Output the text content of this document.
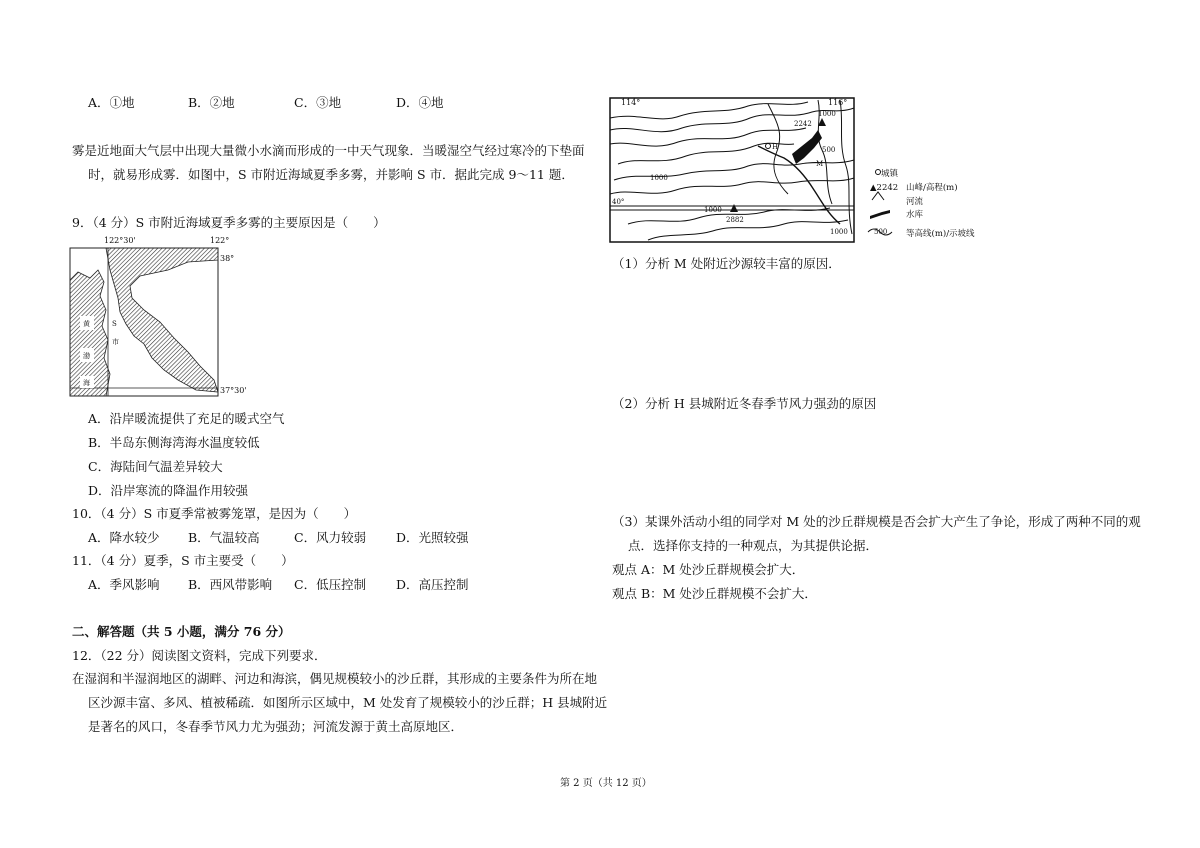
A．①地	B．②地	C．③地	D．④地
雾是近地面大气层中出现大量微小水滴而形成的一中天气现象．当暖湿空气经过寒冷的下垫面
时，就易形成雾．如图中，S 市附近海域夏季多雾，并影响 S 市．据此完成 9～11 题．
9．（4 分）S 市附近海域夏季多雾的主要原因是（　　）
S
市
黄
渤
海
122°30'	122°
38°
37°30'
A．沿岸暖流提供了充足的暖式空气
B．半岛东侧海湾海水温度较低
C．海陆间气温差异较大
D．沿岸寒流的降温作用较强
10．（4 分）S 市夏季常被雾笼罩，是因为（　　）
A．降水较少 B．气温较高	C．风力较弱 D．光照较强
11．（4 分）夏季，S 市主要受（　　）
A．季风影响 B．西风带影响 C．低压控制 D．高压控制
二、解答题（共 5 小题，满分 76 分）
12．（22 分）阅读图文资料，完成下列要求．
在湿润和半湿润地区的湖畔、河边和海滨，偶见规模较小的沙丘群，其形成的主要条件为所在地
区沙源丰富、多风、植被稀疏．如图所示区域中，M 处发育了规模较小的沙丘群；H 县城附近
是著名的风口，冬春季节风力尤为强劲；河流发源于黄土高原地区．
H
M
2242
2882
1000
1000
1000
1000
500
40°
114°	116°
城镇
▲2242 山峰/高程(m)
河流
水库
500 等高线(m)/示坡线
（1）分析 M 处附近沙源较丰富的原因．
（2）分析 H 县城附近冬春季节风力强劲的原因
（3）某课外活动小组的同学对 M 处的沙丘群规模是否会扩大产生了争论，形成了两种不同的观
点．选择你支持的一种观点，为其提供论据．
观点 A：M 处沙丘群规模会扩大．
观点 B：M 处沙丘群规模不会扩大．
第 2 页（共 12 页）
